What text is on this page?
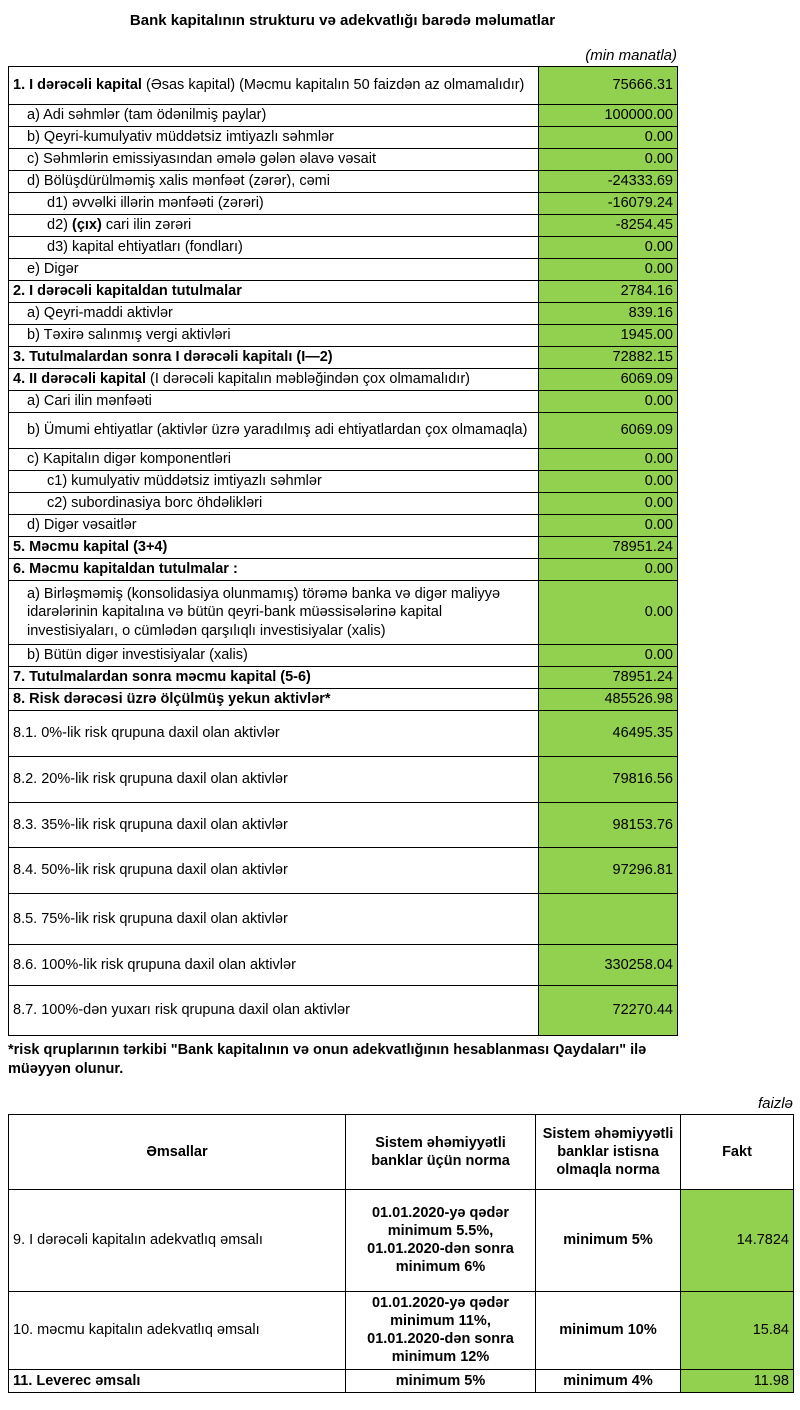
Bank kapitalının strukturu və adekvatlığı barədə məlumatlar
(min manatla)
1. I dərəcəli kapital (Əsas kapital) (Məcmu kapitalın 50 faizdən az olmamalıdır)	75666.31
a) Adi səhmlər (tam ödənilmiş paylar)	100000.00
b) Qeyri-kumulyativ müddətsiz imtiyazlı səhmlər	0.00
c) Səhmlərin emissiyasından əmələ gələn əlavə vəsait	0.00
d) Bölüşdürülməmiş xalis mənfəət (zərər), cəmi	-24333.69
d1) əvvəlki illərin mənfəəti (zərəri)	-16079.24
d2) (çıx) cari ilin zərəri	-8254.45
d3) kapital ehtiyatları (fondları)	0.00
e) Digər	0.00
2. I dərəcəli kapitaldan tutulmalar	2784.16
a) Qeyri-maddi aktivlər	839.16
b) Təxirə salınmış vergi aktivləri	1945.00
3. Tutulmalardan sonra I dərəcəli kapitalı (I—2)	72882.15
4. II dərəcəli kapital (I dərəcəli kapitalın məbləğindən çox olmamalıdır)	6069.09
a) Cari ilin mənfəəti	0.00
b) Ümumi ehtiyatlar (aktivlər üzrə yaradılmış adi ehtiyatlardan çox olmamaqla)	6069.09
c) Kapitalın digər komponentləri	0.00
c1) kumulyativ müddətsiz imtiyazlı səhmlər	0.00
c2) subordinasiya borc öhdəlikləri	0.00
d) Digər vəsaitlər	0.00
5. Məcmu kapital (3+4)	78951.24
6. Məcmu kapitaldan tutulmalar :	0.00
a) Birləşməmiş (konsolidasiya olunmamış) törəmə banka və digər maliyyə idarələrinin kapitalına və bütün qeyri-bank müəssisələrinə kapital investisiyaları, o cümlədən qarşılıqlı investisiyalar (xalis)	0.00
b) Bütün digər investisiyalar (xalis)	0.00
7. Tutulmalardan sonra məcmu kapital (5-6)	78951.24
8. Risk dərəcəsi üzrə ölçülmüş yekun aktivlər*	485526.98
8.1. 0%-lik risk qrupuna daxil olan aktivlər	46495.35
8.2. 20%-lik risk qrupuna daxil olan aktivlər	79816.56
8.3. 35%-lik risk qrupuna daxil olan aktivlər	98153.76
8.4. 50%-lik risk qrupuna daxil olan aktivlər	97296.81
8.5. 75%-lik risk qrupuna daxil olan aktivlər	
8.6. 100%-lik risk qrupuna daxil olan aktivlər	330258.04
8.7. 100%-dən yuxarı risk qrupuna daxil olan aktivlər	72270.44
*risk qruplarının tərkibi "Bank kapitalının və onun adekvatlığının hesablanması Qaydaları" ilə müəyyən olunur.
faizlə
Əmsallar	Sistem əhəmiyyətli banklar üçün norma	Sistem əhəmiyyətli banklar istisna olmaqla norma	Fakt
9. I dərəcəli kapitalın adekvatlıq əmsalı	01.01.2020-yə qədər minimum 5.5%, 01.01.2020-dən sonra minimum 6%	minimum 5%	14.7824
10. məcmu kapitalın adekvatlıq əmsalı	01.01.2020-yə qədər minimum 11%, 01.01.2020-dən sonra minimum 12%	minimum 10%	15.84
11. Leverec əmsalı	minimum 5%	minimum 4%	11.98
